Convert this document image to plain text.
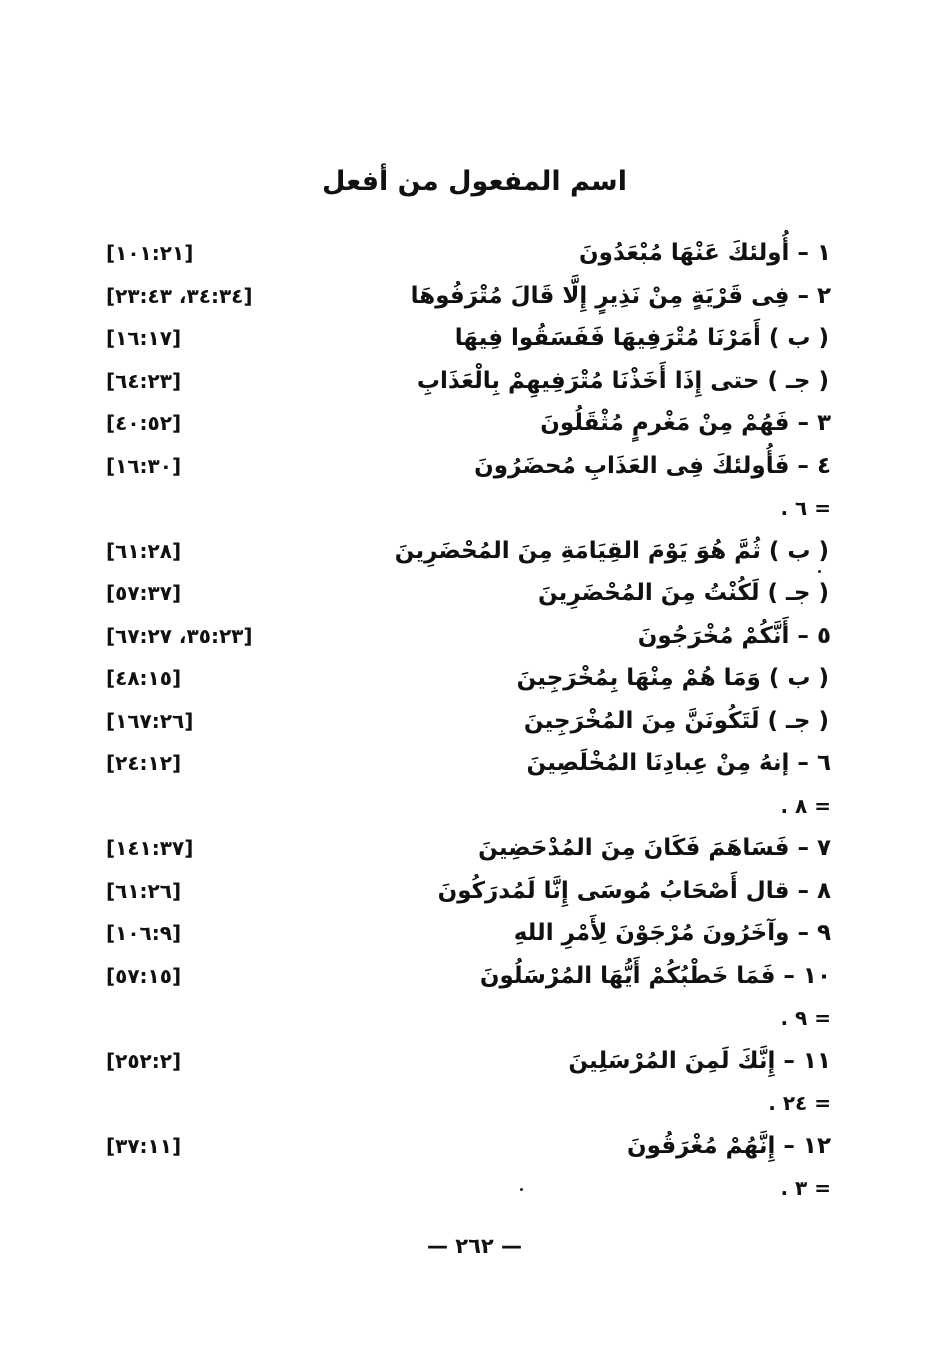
اسم المفعول من أفعل
١ – أُولئكَ عَنْهَا مُبْعَدُونَ
[١٠١:٢١]
٢ – فِى قَرْيَةٍ مِنْ نَذِيرٍ إِلَّا قَالَ مُتْرَفُوهَا
[٣٤:٣٤، ٢٣:٤٣]
( ب ) أَمَرْنَا مُتْرَفِيهَا فَفَسَقُوا فِيهَا
[١٦:١٧]
( جـ ) حتى إِذَا أَخَذْنَا مُتْرَفِيهِمْ بِالْعَذَابِ
[٦٤:٢٣]
٣ – فَهُمْ مِنْ مَغْرمٍ مُثْقَلُونَ
[٤٠:٥٢]
٤ – فَأُولئكَ فِى العَذَابِ مُحضَرُونَ
[١٦:٣٠]
= ٦ .
( ب ) ثُمَّ هُوَ يَوْمَ القِيَامَةِ مِنَ المُحْضَرِينَ
[٦١:٢٨]
( جـ ) لَكُنْتُ مِنَ المُحْضَرِينَ
[٥٧:٣٧]
٥ – أَنَّكُمْ مُخْرَجُونَ
[٣٥:٢٣، ٦٧:٢٧]
( ب ) وَمَا هُمْ مِنْهَا بِمُخْرَجِينَ
[٤٨:١٥]
( جـ ) لَتَكُونَنَّ مِنَ المُخْرَجِينَ
[١٦٧:٢٦]
٦ – إنهُ مِنْ عِبادِنَا المُخْلَصِينَ
[٢٤:١٢]
= ٨ .
٧ – فَسَاهَمَ فَكَانَ مِنَ المُدْحَضِينَ
[١٤١:٣٧]
٨ – قال أَصْحَابُ مُوسَى إِنَّا لَمُدرَكُونَ
[٦١:٢٦]
٩ – وآخَرُونَ مُرْجَوْنَ لِأَمْرِ اللهِ
[١٠٦:٩]
١٠ – فَمَا خَطْبُكُمْ أَيُّهَا المُرْسَلُونَ
[٥٧:١٥]
= ٩ .
١١ – إِنَّكَ لَمِنَ المُرْسَلِينَ
[٢٥٢:٢]
= ٢٤ .
١٢ – إِنَّهُمْ مُغْرَقُونَ
[٣٧:١١]
= ٣ .
— ٢٦٢ —
